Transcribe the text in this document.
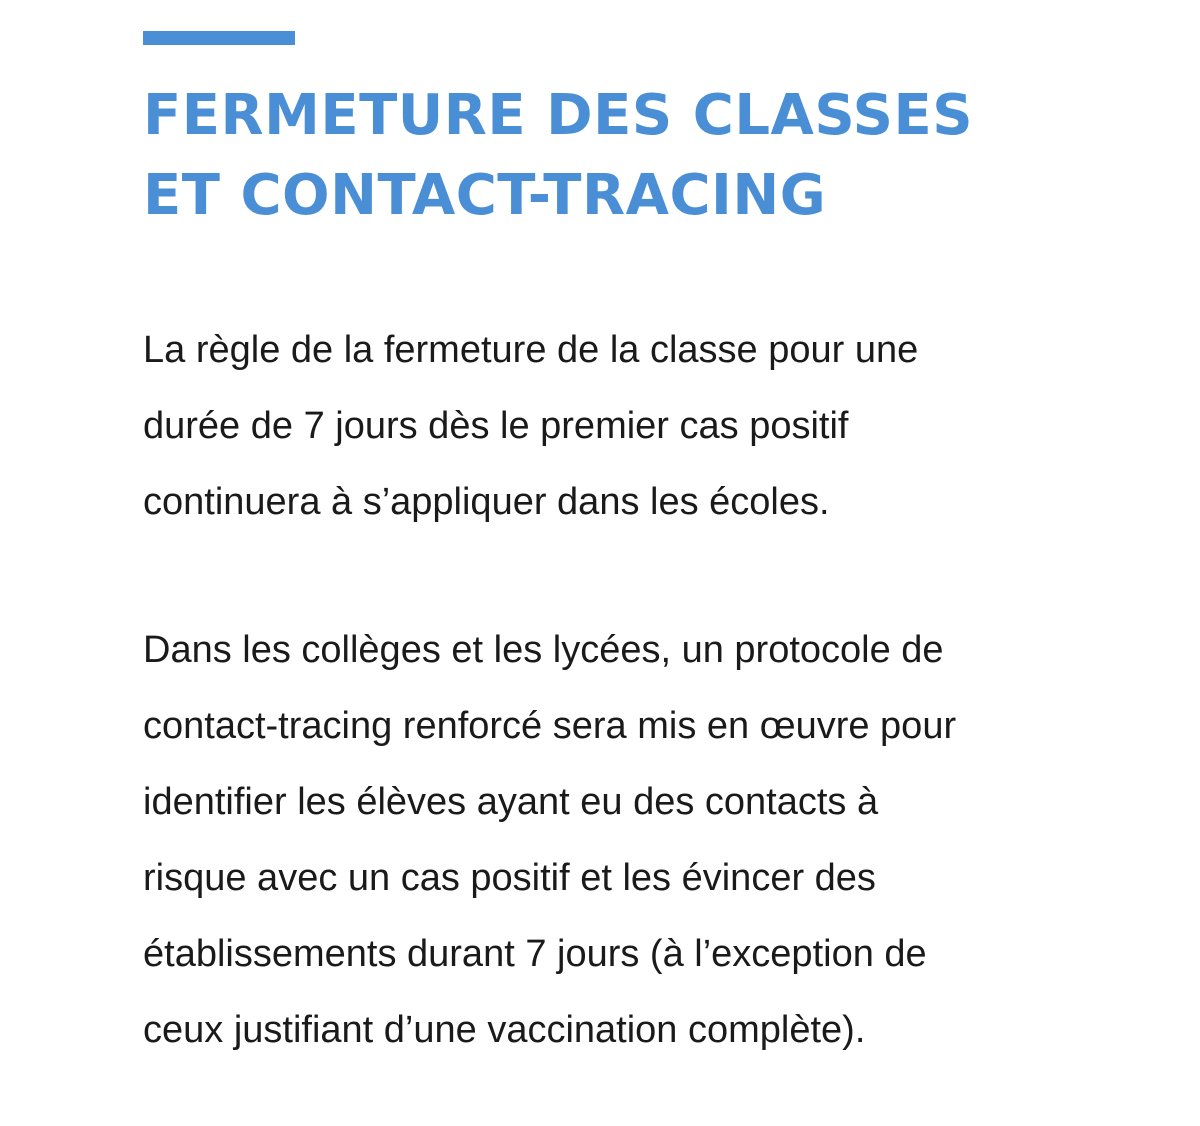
FERMETURE DES CLASSES
ET CONTACT-TRACING

La règle de la fermeture de la classe pour une
durée de 7 jours dès le premier cas positif
continuera à s’appliquer dans les écoles.

Dans les collèges et les lycées, un protocole de
contact-tracing renforcé sera mis en œuvre pour
identifier les élèves ayant eu des contacts à
risque avec un cas positif et les évincer des
établissements durant 7 jours (à l’exception de
ceux justifiant d’une vaccination complète).
